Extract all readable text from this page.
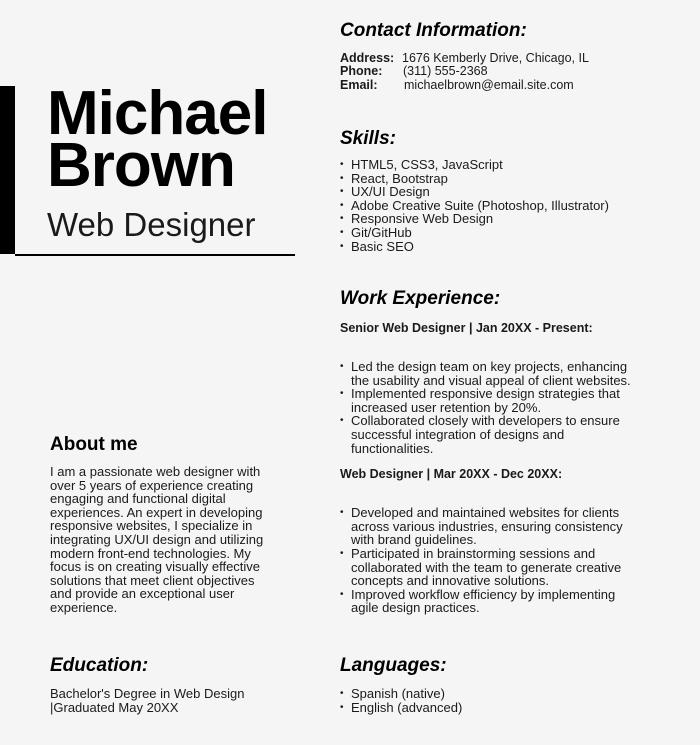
Michael
Brown
Web Designer
Contact Information:
Address: 1676 Kemberly Drive, Chicago, IL
Phone:	(311) 555-2368
Email:	michaelbrown@email.site.com
Skills:
• HTML5, CSS3, JavaScript
• React, Bootstrap
• UX/UI Design
• Adobe Creative Suite (Photoshop, Illustrator)
• Responsive Web Design
• Git/GitHub
• Basic SEO
Work Experience:

Senior Web Designer | Jan 20XX - Present:

• Led the design team on key projects, enhancing the usability and visual appeal of client websites.
• Implemented responsive design strategies that increased user retention by 20%.
• Collaborated closely with developers to ensure successful integration of designs and functionalities.

Web Designer | Mar 20XX - Dec 20XX:

• Developed and maintained websites for clients across various industries, ensuring consistency with brand guidelines.
• Participated in brainstorming sessions and collaborated with the team to generate creative concepts and innovative solutions.
• Improved workflow efficiency by implementing agile design practices.
About me

I am a passionate web designer with over 5 years of experience creating engaging and functional digital experiences. An expert in developing responsive websites, I specialize in integrating UX/UI design and utilizing modern front-end technologies. My focus is on creating visually effective solutions that meet client objectives and provide an exceptional user experience.

Education:
Bachelor's Degree in Web Design
|Graduated May 20XX
Languages:
• Spanish (native)
• English (advanced)
